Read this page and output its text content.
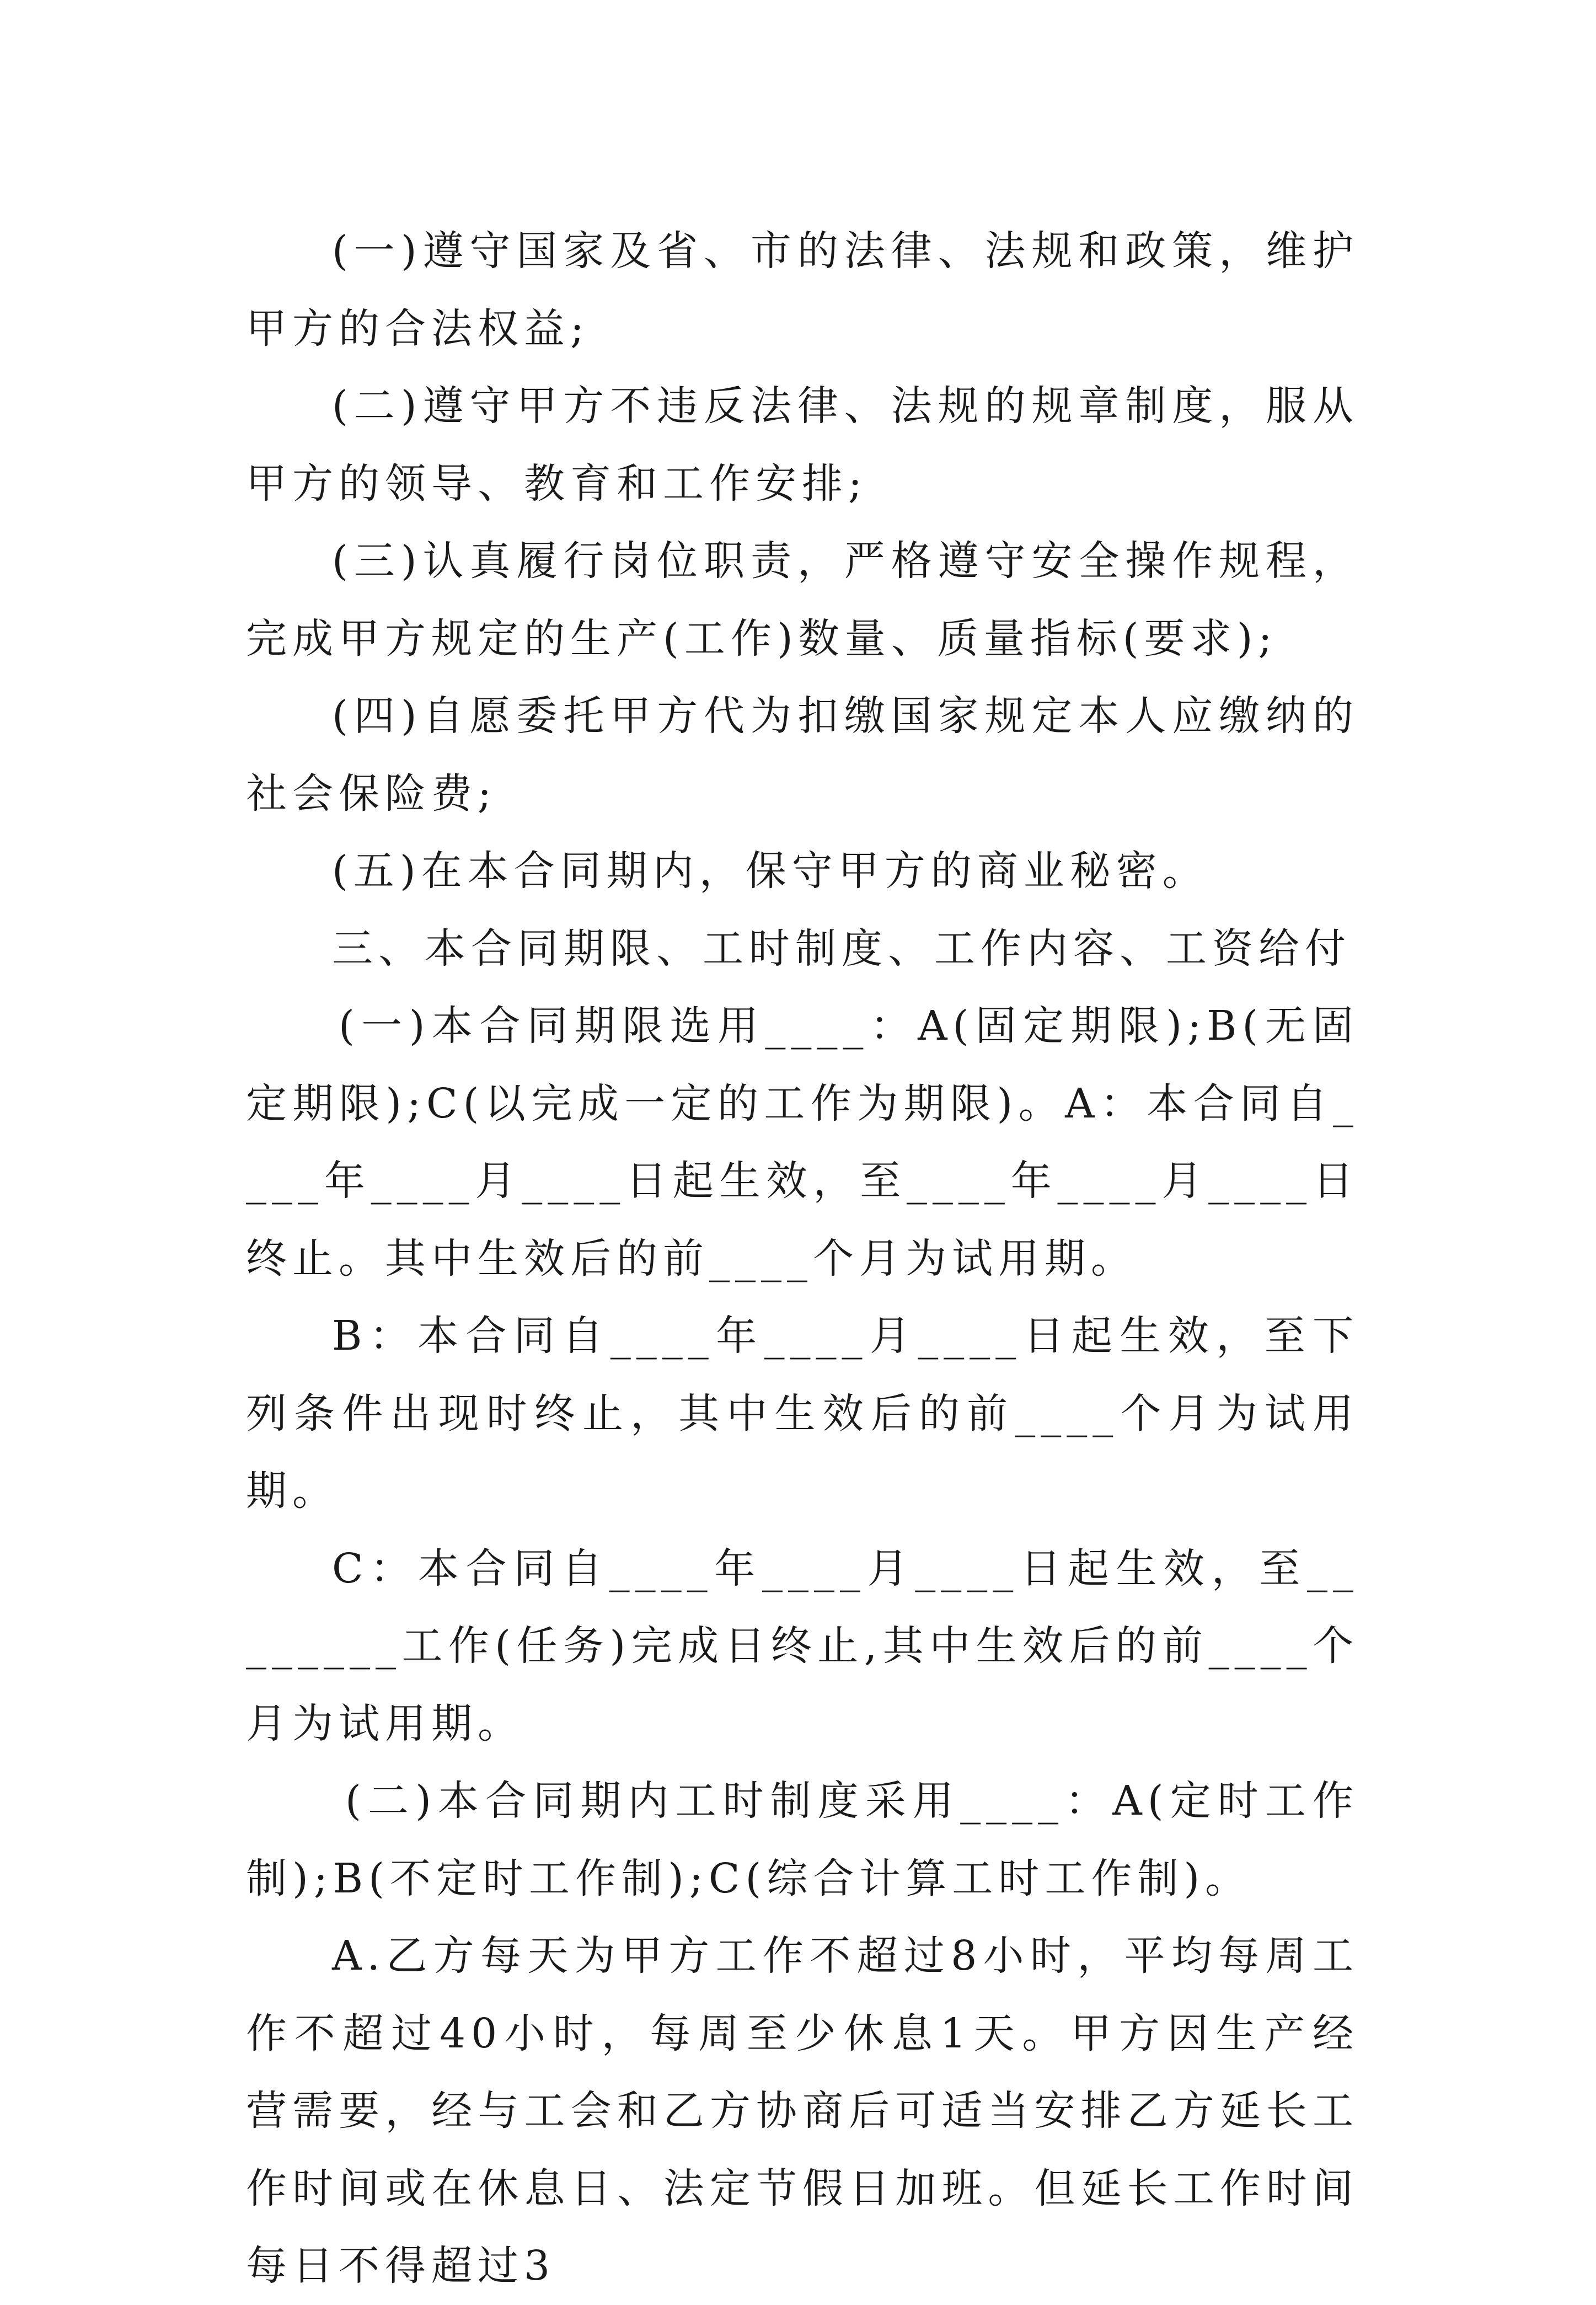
(一)遵守国家及省、市的法律、法规和政策，维护甲方的合法权益;

(二)遵守甲方不违反法律、法规的规章制度，服从甲方的领导、教育和工作安排;

(三)认真履行岗位职责，严格遵守安全操作规程，完成甲方规定的生产(工作)数量、质量指标(要求);

(四)自愿委托甲方代为扣缴国家规定本人应缴纳的社会保险费;

(五)在本合同期内，保守甲方的商业秘密。

三、本合同期限、工时制度、工作内容、工资给付

(一)本合同期限选用____：A(固定期限);B(无固定期限);C(以完成一定的工作为期限)。A：本合同自____年____月____日起生效，至____年____月____日终止。其中生效后的前____个月为试用期。

B：本合同自____年____月____日起生效，至下列条件出现时终止，其中生效后的前____个月为试用期。

C：本合同自____年____月____日起生效，至________工作(任务)完成日终止,其中生效后的前____个月为试用期。

(二)本合同期内工时制度采用____：A(定时工作制);B(不定时工作制);C(综合计算工时工作制)。

A.乙方每天为甲方工作不超过8小时，平均每周工作不超过40小时，每周至少休息1天。甲方因生产经营需要，经与工会和乙方协商后可适当安排乙方延长工作时间或在休息日、法定节假日加班。但延长工作时间每日不得超过3
